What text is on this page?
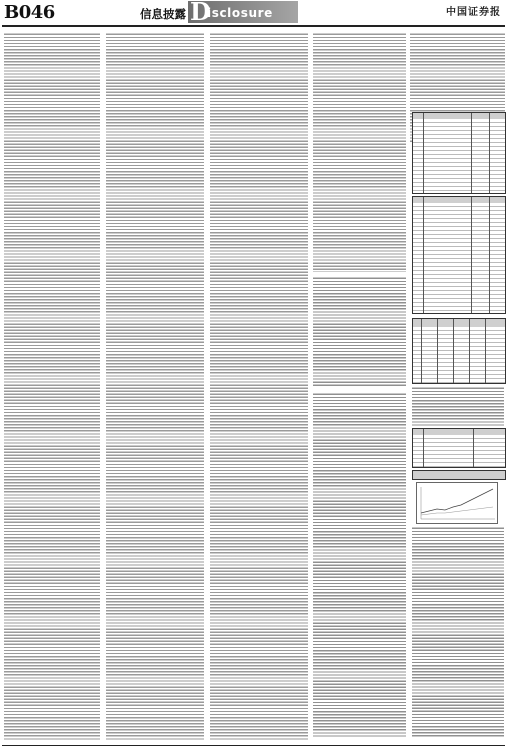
B046	信息披露 D
isclosure	中国证券报
